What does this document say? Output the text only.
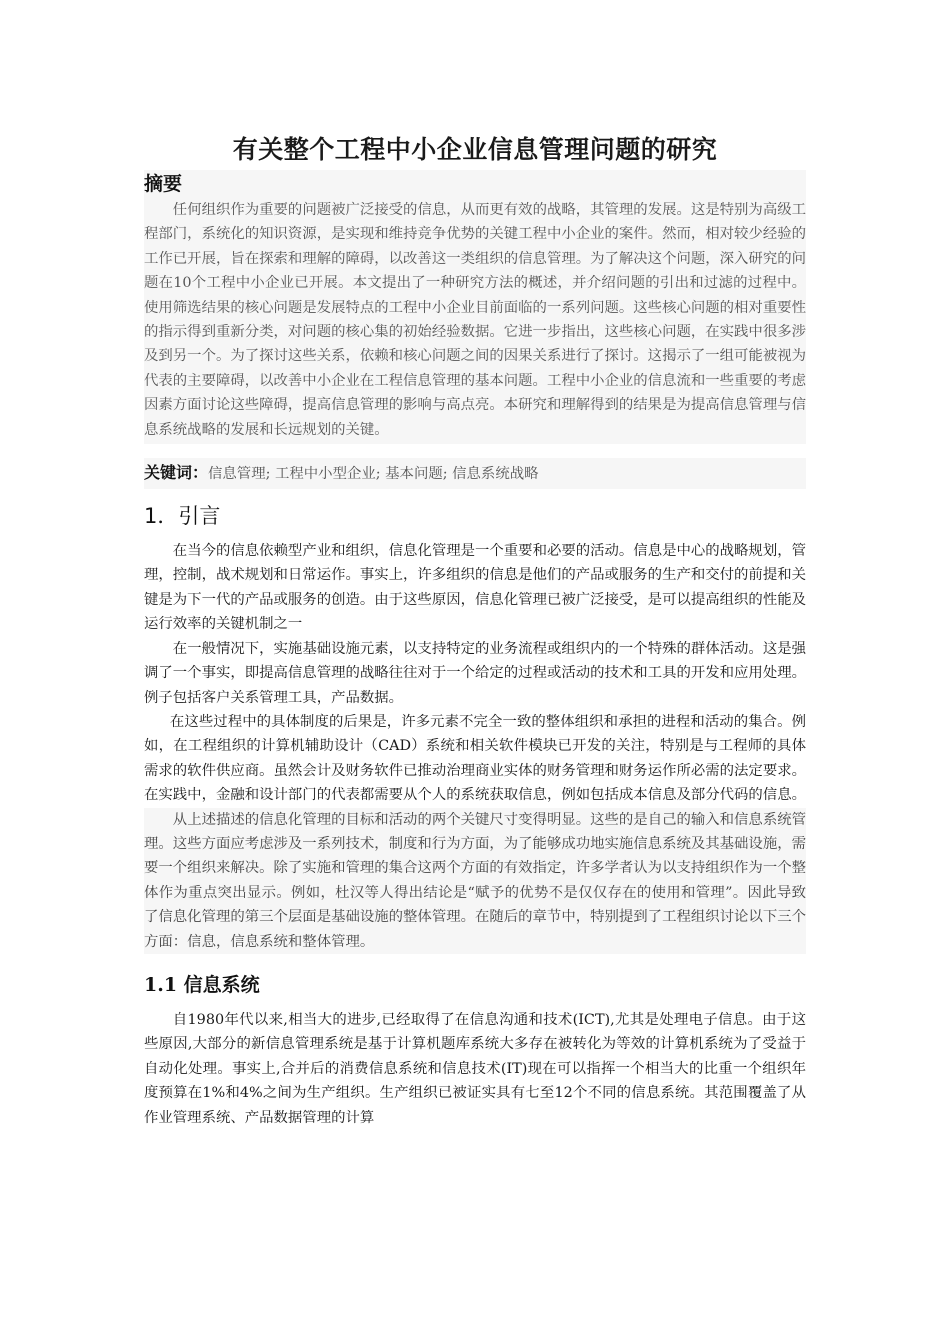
有关整个工程中小企业信息管理问题的研究
摘要

任何组织作为重要的问题被广泛接受的信息，从而更有效的战略，其管理的发展。这是特别为高级工程部门，系统化的知识资源，是实现和维持竞争优势的关键工程中小企业的案件。然而，相对较少经验的工作已开展，旨在探索和理解的障碍，以改善这一类组织的信息管理。为了解决这个问题，深入研究的问题在10个工程中小企业已开展。本文提出了一种研究方法的概述，并介绍问题的引出和过滤的过程中。使用筛选结果的核心问题是发展特点的工程中小企业目前面临的一系列问题。这些核心问题的相对重要性的指示得到重新分类，对问题的核心集的初始经验数据。它进一步指出，这些核心问题，在实践中很多涉及到另一个。为了探讨这些关系，依赖和核心问题之间的因果关系进行了探讨。这揭示了一组可能被视为代表的主要障碍，以改善中小企业在工程信息管理的基本问题。工程中小企业的信息流和一些重要的考虑因素方面讨论这些障碍，提高信息管理的影响与高点亮。本研究和理解得到的结果是为提高信息管理与信息系统战略的发展和长远规划的关键。

关键词：信息管理; 工程中小型企业; 基本问题; 信息系统战略
1．引言

在当今的信息依赖型产业和组织，信息化管理是一个重要和必要的活动。信息是中心的战略规划，管理，控制，战术规划和日常运作。事实上，许多组织的信息是他们的产品或服务的生产和交付的前提和关键是为下一代的产品或服务的创造。由于这些原因，信息化管理已被广泛接受，是可以提高组织的性能及运行效率的关键机制之一

在一般情况下，实施基础设施元素，以支持特定的业务流程或组织内的一个特殊的群体活动。这是强调了一个事实，即提高信息管理的战略往往对于一个给定的过程或活动的技术和工具的开发和应用处理。例子包括客户关系管理工具，产品数据。

在这些过程中的具体制度的后果是，许多元素不完全一致的整体组织和承担的进程和活动的集合。例如，在工程组织的计算机辅助设计（CAD）系统和相关软件模块已开发的关注，特别是与工程师的具体需求的软件供应商。虽然会计及财务软件已推动治理商业实体的财务管理和财务运作所必需的法定要求。在实践中，金融和设计部门的代表都需要从个人的系统获取信息，例如包括成本信息及部分代码的信息。

从上述描述的信息化管理的目标和活动的两个关键尺寸变得明显。这些的是自己的输入和信息系统管理。这些方面应考虑涉及一系列技术，制度和行为方面，为了能够成功地实施信息系统及其基础设施，需要一个组织来解决。除了实施和管理的集合这两个方面的有效指定，许多学者认为以支持组织作为一个整体作为重点突出显示。例如，杜汉等人得出结论是“赋予的优势不是仅仅存在的使用和管理”。因此导致了信息化管理的第三个层面是基础设施的整体管理。在随后的章节中，特别提到了工程组织讨论以下三个方面：信息，信息系统和整体管理。

1.1 信息系统

自1980年代以来,相当大的进步,已经取得了在信息沟通和技术(ICT),尤其是处理电子信息。由于这些原因,大部分的新信息管理系统是基于计算机题库系统大多存在被转化为等效的计算机系统为了受益于自动化处理。事实上,合并后的消费信息系统和信息技术(IT)现在可以指挥一个相当大的比重一个组织年度预算在1%和4%之间为生产组织。生产组织已被证实具有七至12个不同的信息系统。其范围覆盖了从作业管理系统、产品数据管理的计算
